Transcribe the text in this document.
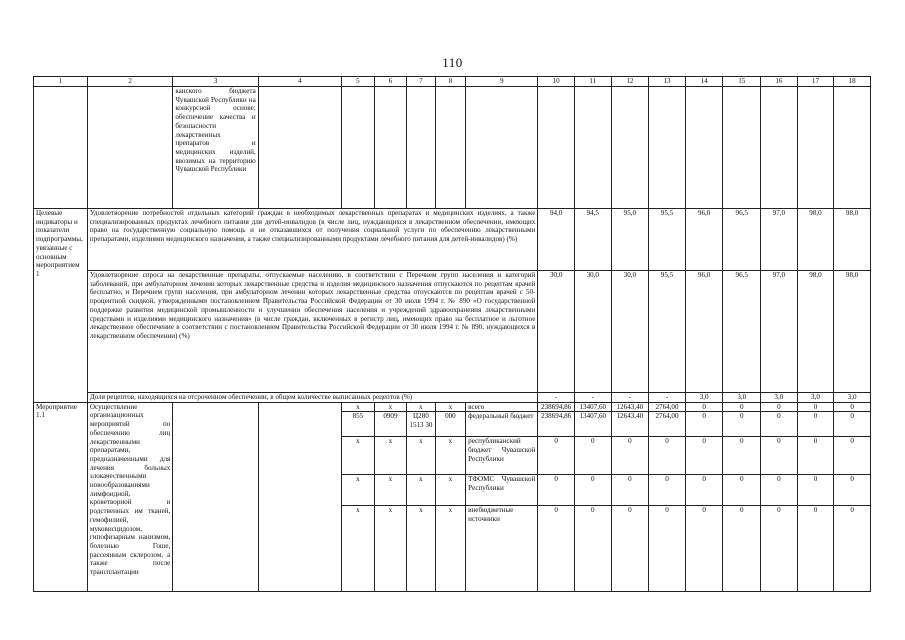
110
1	2	3	4	5	6	7	8	9	10	11	12	13	14	15	16	17	18
		канского бюджета Чувашской Республики на конкурсной основе; обеспечение качества и безопасности лекарственных препаратов и медицинских изделий, ввозимых на территорию Чувашской Республики															
Целевые индикаторы и показатели подпрограммы, увязанные с основным мероприятием 1	Удовлетворение потребностей отдельных категорий граждан в необходимых лекарственных препаратах и медицинских изделиях, а также специализированных продуктах лечебного питания для детей-инвалидов (в числе лиц, нуждающихся в лекарственном обеспечении, имеющих право на государственную социальную помощь и не отказавшихся от получения социальной услуги по обеспечению лекарственными препаратами, изделиями медицинского назначения, а также специализированными продуктами лечебного питания для детей-инвалидов) (%)								94,0	94,5	95,0	95,5	96,0	96,5	97,0	98,0	98,0
	Удовлетворение спроса на лекарственные препараты, отпускаемые населению, в соответствии с Перечнем групп населения и категорий заболеваний, при амбулаторном лечении которых лекарственные средства и изделия медицинского назначения отпускаются по рецептам врачей бесплатно, и Перечнем групп населения, при амбулаторном лечении которых лекарственные средства отпускаются по рецептам врачей с 50-процентной скидкой, утвержденными постановлением Правительства Российской Федерации от 30 июля 1994 г. № 890 «О государственной поддержке развития медицинской промышленности и улучшении обеспечения населения и учреждений здравоохранения лекарственными средствами и изделиями медицинского назначения» (в числе граждан, включенных в регистр лиц, имеющих право на бесплатное и льготное лекарственное обеспечение в соответствии с постановлением Правительства Российской Федерации от 30 июля 1994 г. № 890, нуждающихся в лекарственном обеспечении) (%)								30,0	30,0	30,0	95,5	96,0	96,5	97,0	98,0	98,0
	Доля рецептов, находящихся на отсроченном обеспечении, в общем количестве выписанных рецептов (%)								-	-	-	-	3,0	3,0	3,0	3,0	3,0
Мероприятие 1.1	Осуществление организационных мероприятий по обеспечению лиц лекарственными препаратами, предназначенными для лечения больных злокачественными новообразованиями лимфоидной, кроветворной и родственных им тканей, гемофилией, муковисцидозом, гипофизарным нанизмом, болезнью Гоше, рассеянным склерозом, а также после трансплантации			x	x	x	x	всего	238694,86	13407,60	12643,40	2764,00	0	0	0	0	0
				855	0909	Ц280 1513 30	000	федеральный бюджет	238694,86	13407,60	12643,40	2764,00	0	0	0	0	0
				x	x	x	x	республиканский бюджет Чувашской Республики	0	0	0	0	0	0	0	0	0
				x	x	x	x	ТФОМС Чувашской Республики	0	0	0	0	0	0	0	0	0
				x	x	x	x	внебюджетные источники	0	0	0	0	0	0	0	0	0
